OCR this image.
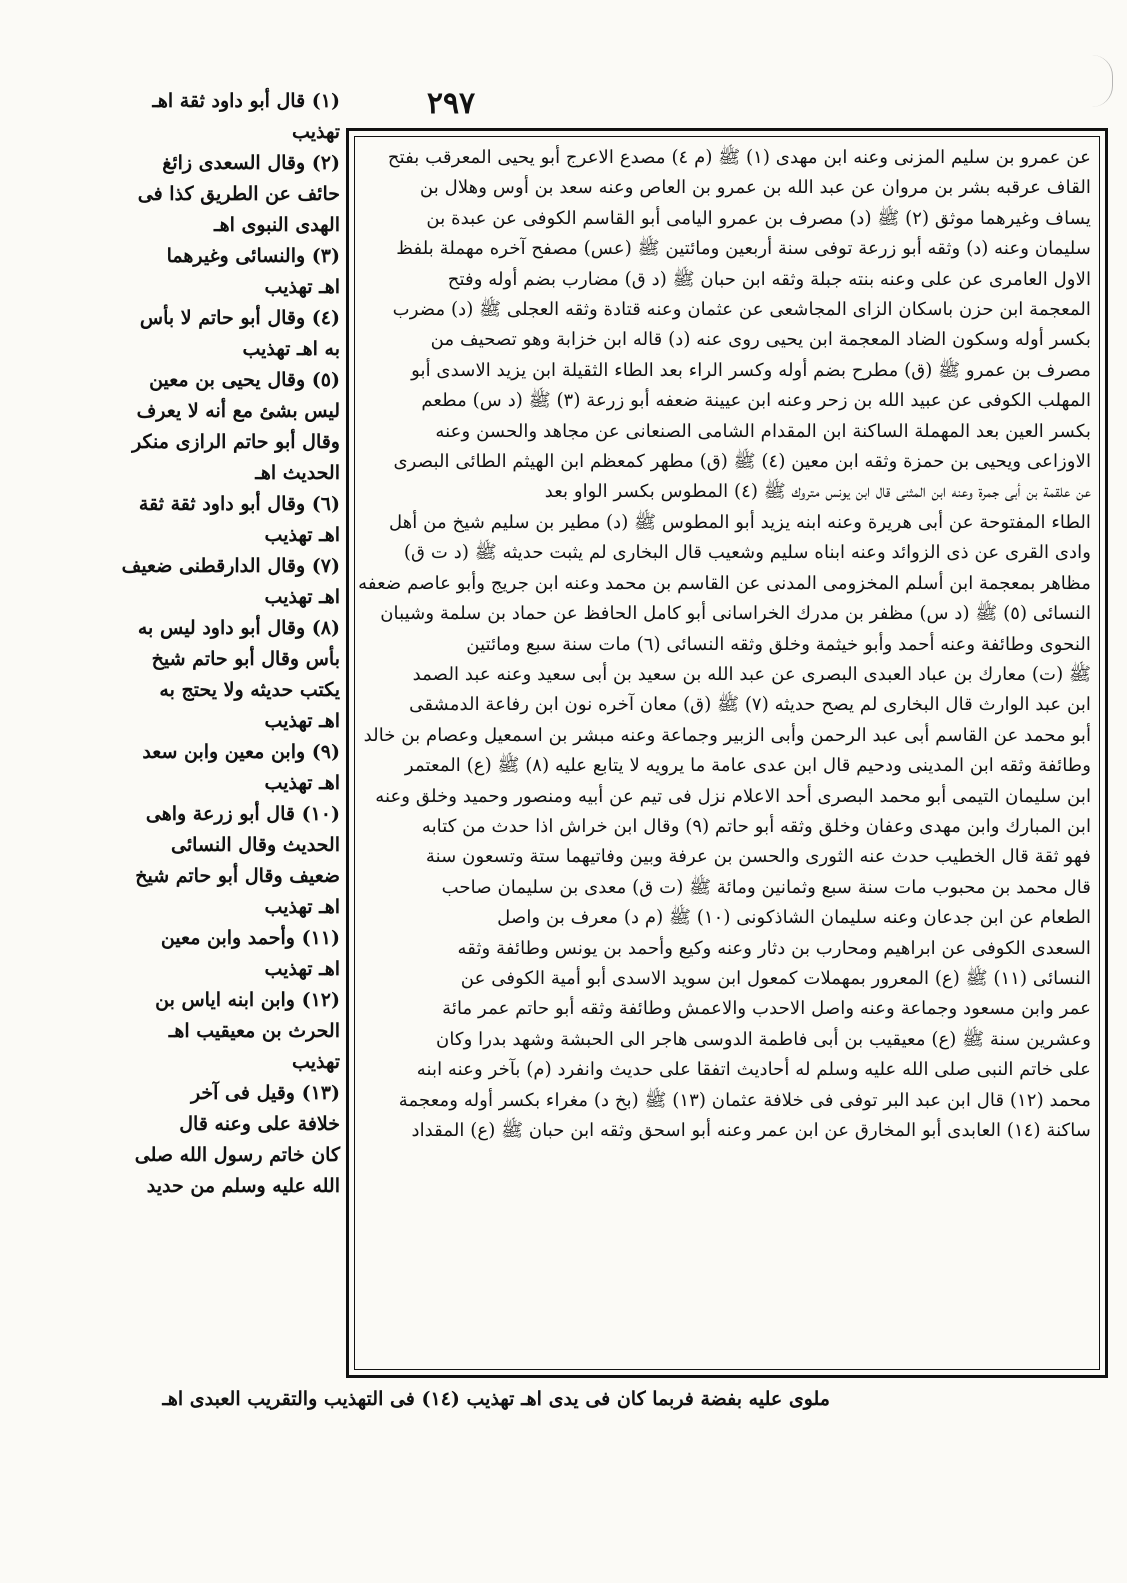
٢٩٧
(١) قال أبو داود ثقة اهـ
تهذيب
(٢) وقال السعدى زائغ
حائف عن الطريق كذا فى
الهدى النبوى اهـ
(٣) والنسائى وغيرهما
اهـ تهذيب
(٤) وقال أبو حاتم لا بأس
به اهـ تهذيب
(٥) وقال يحيى بن معين
ليس بشئ مع أنه لا يعرف
وقال أبو حاتم الرازى منكر
الحديث اهـ
(٦) وقال أبو داود ثقة ثقة
اهـ تهذيب
(٧) وقال الدارقطنى ضعيف
اهـ تهذيب
(٨) وقال أبو داود ليس به
بأس وقال أبو حاتم شيخ
يكتب حديثه ولا يحتج به
اهـ تهذيب
(٩) وابن معين وابن سعد
اهـ تهذيب
(١٠) قال أبو زرعة واهى
الحديث وقال النسائى
ضعيف وقال أبو حاتم شيخ
اهـ تهذيب
(١١) وأحمد وابن معين
اهـ تهذيب
(١٢) وابن ابنه اياس بن
الحرث بن معيقيب اهـ
تهذيب
(١٣) وقيل فى آخر
خلافة على وعنه قال
كان خاتم رسول الله صلى
الله عليه وسلم من حديد
عن عمرو بن سليم المزنى وعنه ابن مهدى (١) ﷺ (م ٤) مصدع الاعرج أبو يحيى المعرقب بفتح
القاف عرقبه بشر بن مروان عن عبد الله بن عمرو بن العاص وعنه سعد بن أوس وهلال بن
يساف وغيرهما موثق (٢) ﷺ (د) مصرف بن عمرو اليامى أبو القاسم الكوفى عن عبدة بن
سليمان وعنه (د) وثقه أبو زرعة توفى سنة أربعين ومائتين ﷺ (عس) مصفح آخره مهملة بلفظ
الاول العامرى عن على وعنه بنته جبلة وثقه ابن حبان ﷺ (د ق) مضارب بضم أوله وفتح
المعجمة ابن حزن باسكان الزاى المجاشعى عن عثمان وعنه قتادة وثقه العجلى ﷺ (د) مضرب
بكسر أوله وسكون الضاد المعجمة ابن يحيى روى عنه (د) قاله ابن خزابة وهو تصحيف من
مصرف بن عمرو ﷺ (ق) مطرح بضم أوله وكسر الراء بعد الطاء الثقيلة ابن يزيد الاسدى أبو
المهلب الكوفى عن عبيد الله بن زحر وعنه ابن عيينة ضعفه أبو زرعة (٣) ﷺ (د س) مطعم
بكسر العين بعد المهملة الساكنة ابن المقدام الشامى الصنعانى عن مجاهد والحسن وعنه
الاوزاعى ويحيى بن حمزة وثقه ابن معين (٤) ﷺ (ق) مطهر كمعظم ابن الهيثم الطائى البصرى
عن علقمة بن أبى جمرة وعنه ابن المثنى قال ابن يونس متروك ﷺ (٤) المطوس بكسر الواو بعد
الطاء المفتوحة عن أبى هريرة وعنه ابنه يزيد أبو المطوس ﷺ (د) مطير بن سليم شيخ من أهل
وادى القرى عن ذى الزوائد وعنه ابناه سليم وشعيب قال البخارى لم يثبت حديثه ﷺ (د ت ق)
مظاهر بمعجمة ابن أسلم المخزومى المدنى عن القاسم بن محمد وعنه ابن جريج وأبو عاصم ضعفه
النسائى (٥) ﷺ (د س) مظفر بن مدرك الخراسانى أبو كامل الحافظ عن حماد بن سلمة وشيبان
النحوى وطائفة وعنه أحمد وأبو خيثمة وخلق وثقه النسائى (٦) مات سنة سبع ومائتين
ﷺ (ت) معارك بن عباد العبدى البصرى عن عبد الله بن سعيد بن أبى سعيد وعنه عبد الصمد
ابن عبد الوارث قال البخارى لم يصح حديثه (٧) ﷺ (ق) معان آخره نون ابن رفاعة الدمشقى
أبو محمد عن القاسم أبى عبد الرحمن وأبى الزبير وجماعة وعنه مبشر بن اسمعيل وعصام بن خالد
وطائفة وثقه ابن المدينى ودحيم قال ابن عدى عامة ما يرويه لا يتابع عليه (٨) ﷺ (ع) المعتمر
ابن سليمان التيمى أبو محمد البصرى أحد الاعلام نزل فى تيم عن أبيه ومنصور وحميد وخلق وعنه
ابن المبارك وابن مهدى وعفان وخلق وثقه أبو حاتم (٩) وقال ابن خراش اذا حدث من كتابه
فهو ثقة قال الخطيب حدث عنه الثورى والحسن بن عرفة وبين وفاتيهما ستة وتسعون سنة
قال محمد بن محبوب مات سنة سبع وثمانين ومائة ﷺ (ت ق) معدى بن سليمان صاحب
الطعام عن ابن جدعان وعنه سليمان الشاذكونى (١٠) ﷺ (م د) معرف بن واصل
السعدى الكوفى عن ابراهيم ومحارب بن دثار وعنه وكيع وأحمد بن يونس وطائفة وثقه
النسائى (١١) ﷺ (ع) المعرور بمهملات كمعول ابن سويد الاسدى أبو أمية الكوفى عن
عمر وابن مسعود وجماعة وعنه واصل الاحدب والاعمش وطائفة وثقه أبو حاتم عمر مائة
وعشرين سنة ﷺ (ع) معيقيب بن أبى فاطمة الدوسى هاجر الى الحبشة وشهد بدرا وكان
على خاتم النبى صلى الله عليه وسلم له أحاديث اتفقا على حديث وانفرد (م) بآخر وعنه ابنه
محمد (١٢) قال ابن عبد البر توفى فى خلافة عثمان (١٣) ﷺ (بخ د) مغراء بكسر أوله ومعجمة
ساكنة (١٤) العابدى أبو المخارق عن ابن عمر وعنه أبو اسحق وثقه ابن حبان ﷺ (ع) المقداد
ملوى عليه بفضة فربما كان فى يدى اهـ تهذيب (١٤) فى التهذيب والتقريب العبدى اهـ
